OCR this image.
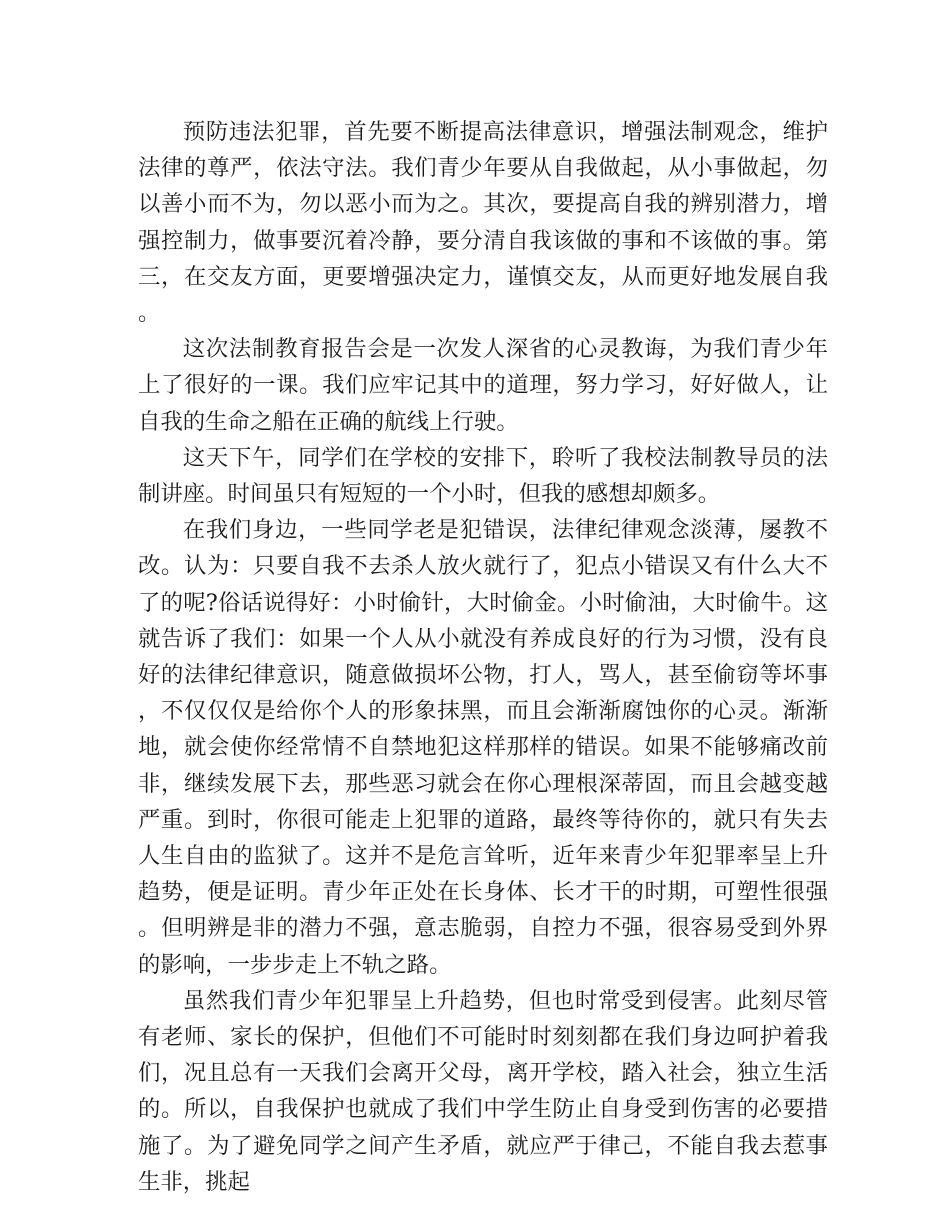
预防违法犯罪，首先要不断提高法律意识，增强法制观念，维护法律的尊严，依法守法。我们青少年要从自我做起，从小事做起，勿以善小而不为，勿以恶小而为之。其次，要提高自我的辨别潜力，增强控制力，做事要沉着冷静，要分清自我该做的事和不该做的事。第三，在交友方面，更要增强决定力，谨慎交友，从而更好地发展自我。

这次法制教育报告会是一次发人深省的心灵教诲，为我们青少年上了很好的一课。我们应牢记其中的道理，努力学习，好好做人，让自我的生命之船在正确的航线上行驶。

这天下午，同学们在学校的安排下，聆听了我校法制教导员的法制讲座。时间虽只有短短的一个小时，但我的感想却颇多。

在我们身边，一些同学老是犯错误，法律纪律观念淡薄，屡教不改。认为：只要自我不去杀人放火就行了，犯点小错误又有什么大不了的呢?俗话说得好：小时偷针，大时偷金。小时偷油，大时偷牛。这就告诉了我们：如果一个人从小就没有养成良好的行为习惯，没有良好的法律纪律意识，随意做损坏公物，打人，骂人，甚至偷窃等坏事，不仅仅仅是给你个人的形象抹黑，而且会渐渐腐蚀你的心灵。渐渐地，就会使你经常情不自禁地犯这样那样的错误。如果不能够痛改前非，继续发展下去，那些恶习就会在你心理根深蒂固，而且会越变越严重。到时，你很可能走上犯罪的道路，最终等待你的，就只有失去人生自由的监狱了。这并不是危言耸听，近年来青少年犯罪率呈上升趋势，便是证明。青少年正处在长身体、长才干的时期，可塑性很强。但明辨是非的潜力不强，意志脆弱，自控力不强，很容易受到外界的影响，一步步走上不轨之路。

虽然我们青少年犯罪呈上升趋势，但也时常受到侵害。此刻尽管有老师、家长的保护，但他们不可能时时刻刻都在我们身边呵护着我们，况且总有一天我们会离开父母，离开学校，踏入社会，独立生活的。所以，自我保护也就成了我们中学生防止自身受到伤害的必要措施了。为了避免同学之间产生矛盾，就应严于律己，不能自我去惹事生非，挑起
